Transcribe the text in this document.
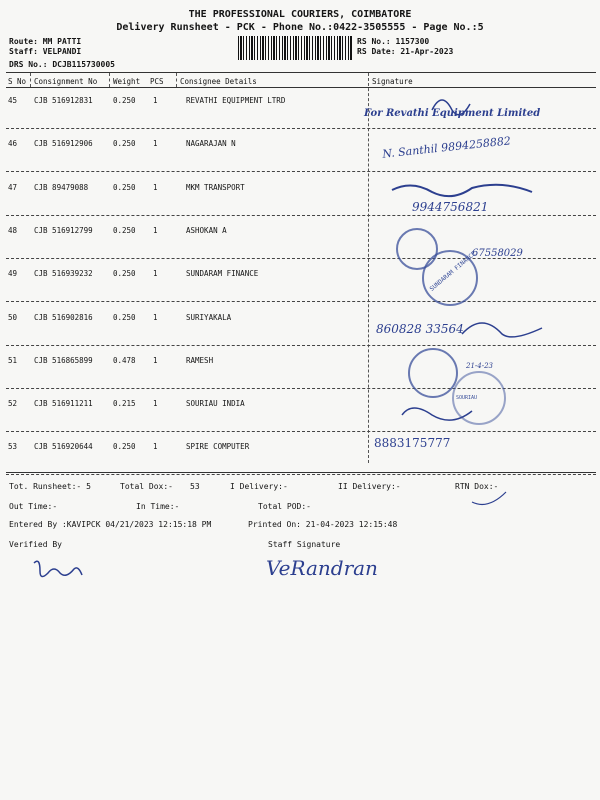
THE PROFESSIONAL COURIERS, COIMBATORE
Delivery Runsheet - PCK - Phone No.:0422-3505555 - Page No.:5
Route: MM PATTI
Staff: VELPANDI
DRS No.: DCJB115730005
RS No.: 1157300
RS Date: 21-Apr-2023
S No Consignment No Weight PCS Consignee Details	Signature
45 CJB 516912831	0.250 1	REVATHI EQUIPMENT LTRD
46 CJB 516912906	0.250 1	NAGARAJAN N
47 CJB 89479088	0.250 1	MKM TRANSPORT
48 CJB 516912799	0.250 1	ASHOKAN A
49 CJB 516939232	0.250 1	SUNDARAM FINANCE
50 CJB 516902816	0.250 1	SURIYAKALA
51 CJB 516865899	0.478 1	RAMESH
52 CJB 516911211	0.215 1	SOURIAU INDIA
53 CJB 516920644	0.250 1	SPIRE COMPUTER
For Revathi Equipment Limited
N. Santhil 9894258882
9944756821
67558029
SUNDARAM FINANCE
860828 33564
21-4-23
SOURIAU
8883175777
Tot. Runsheet:- 5	Total Dox:- 53	I Delivery:-	II Delivery:-	RTN Dox:-
Out Time:-	In Time:-	Total POD:-
Entered By :KAVIPCK 04/21/2023 12:15:18 PM	Printed On: 21-04-2023 12:15:48
Verified By	Staff Signature
VeRandran
